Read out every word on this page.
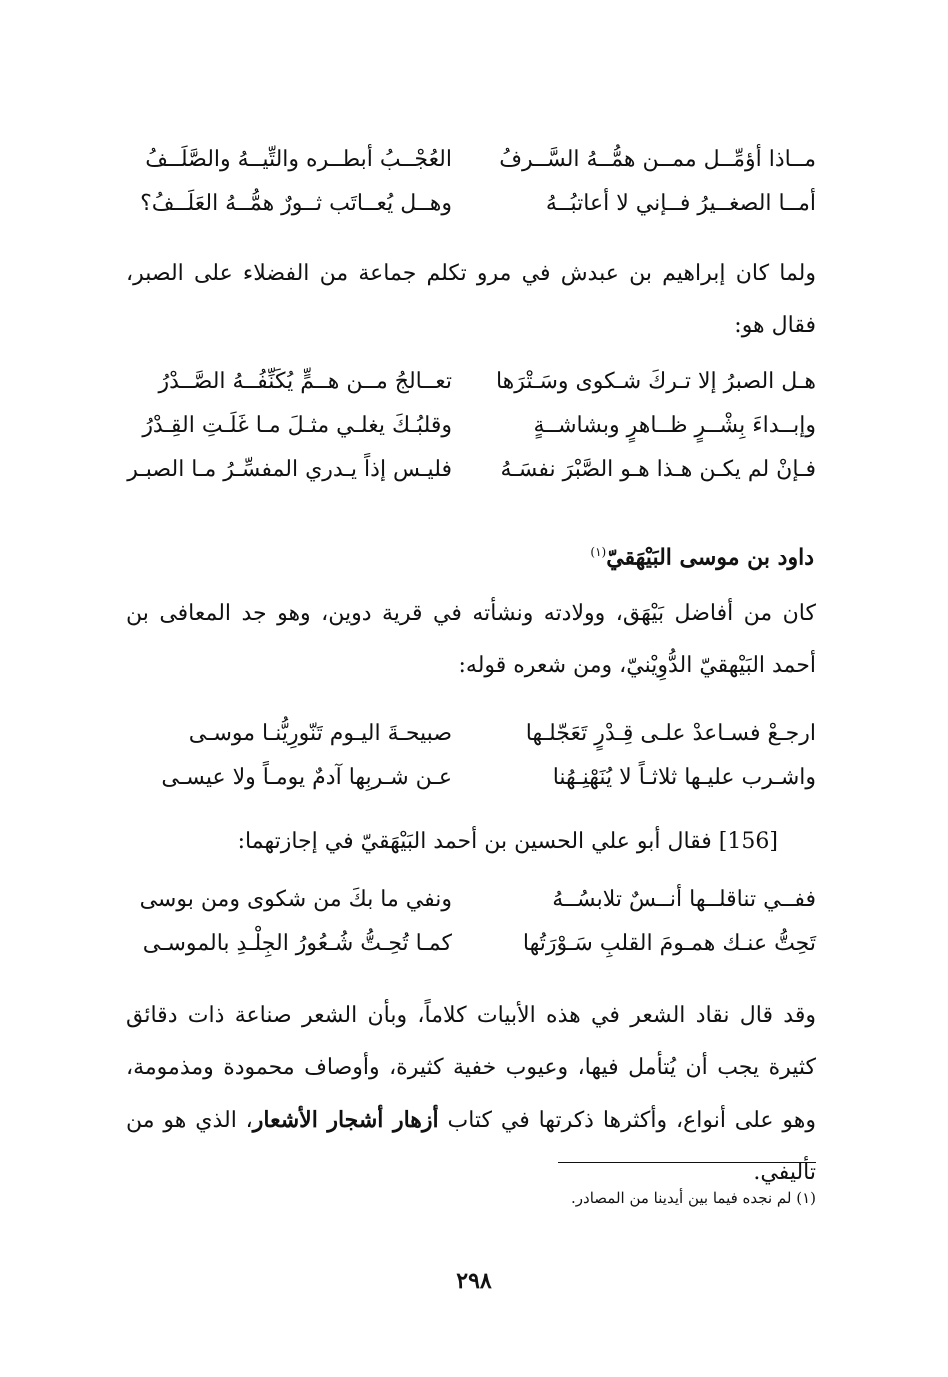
مــاذا أؤمِّــل ممــن همُّــهُ السَّــرفُ
العُجْــبُ أبطــره والتِّيــهُ والصَّلَــفُ
أمــا الصغــيرُ فــإني لا أعاتبُــهُ
وهــل يُعــاتَب ثــورٌ همُّــهُ العَلَــفُ؟
ولما كان إبراهيم بن عبدش في مرو تكلم جماعة من الفضلاء على الصبر، فقال هو:
هـل الصبرُ إلا تـركَ شـكوى وسَـتْرَها
تعــالجُ مــن هــمٍّ يُكَنِّفُــهُ الصَّــدْرُ
وإبــداءَ بِشْــرٍ ظــاهرٍ وبشاشــةٍ
وقلبُـكَ يغلـي مثـلَ مـا غَلَـتِ القِـدْرُ
فـإنْ لم يكـن هـذا هـو الصَّبْرَ نفسَـهُ
فليـس إذاً يـدري المفسِّـرُ مـا الصبـر
داود بن موسى البَيْهَقيّ$^{(١)}$
كان من أفاضل بَيْهَق، وولادته ونشأته في قرية دوين، وهو جد المعافى بن أحمد البَيْهقيّ الدُّوِيْنيّ، ومن شعره قوله:
ارجـعْ فسـاعدْ علـى قِـدْرٍ تَعَجّلـها
صبيحـةَ اليـوم تَنّورِيُّنـا موسـى
واشـرب عليـها ثلاثـاً لا يُنَهْنِـهُنا
عـن شـربِها آدمٌ يومـاً ولا عيسـى
[156] فقال أبو علي الحسين بن أحمد البَيْهَقيّ في إجازتهما:
ففــي تناقلــها أنــسٌ تلابسُــهُ
ونفي ما بكَ من شكوى ومن بوسى
تَحِتُّ عنـك همـومَ القلبِ سَـوْرَتُها
كمـا تُحِـتُّ شُـعُورُ الجِلْـدِ بالموسـى
وقد قال نقاد الشعر في هذه الأبيات كلاماً، وبأن الشعر صناعة ذات دقائق كثيرة يجب أن يُتأمل فيها، وعيوب خفية كثيرة، وأوصاف محمودة ومذمومة، وهو على أنواع، وأكثرها ذكرتها في كتاب أزهار أشجار الأشعار، الذي هو من تأليفي.
(١) لم نجده فيما بين أيدينا من المصادر.
٢٩٨
